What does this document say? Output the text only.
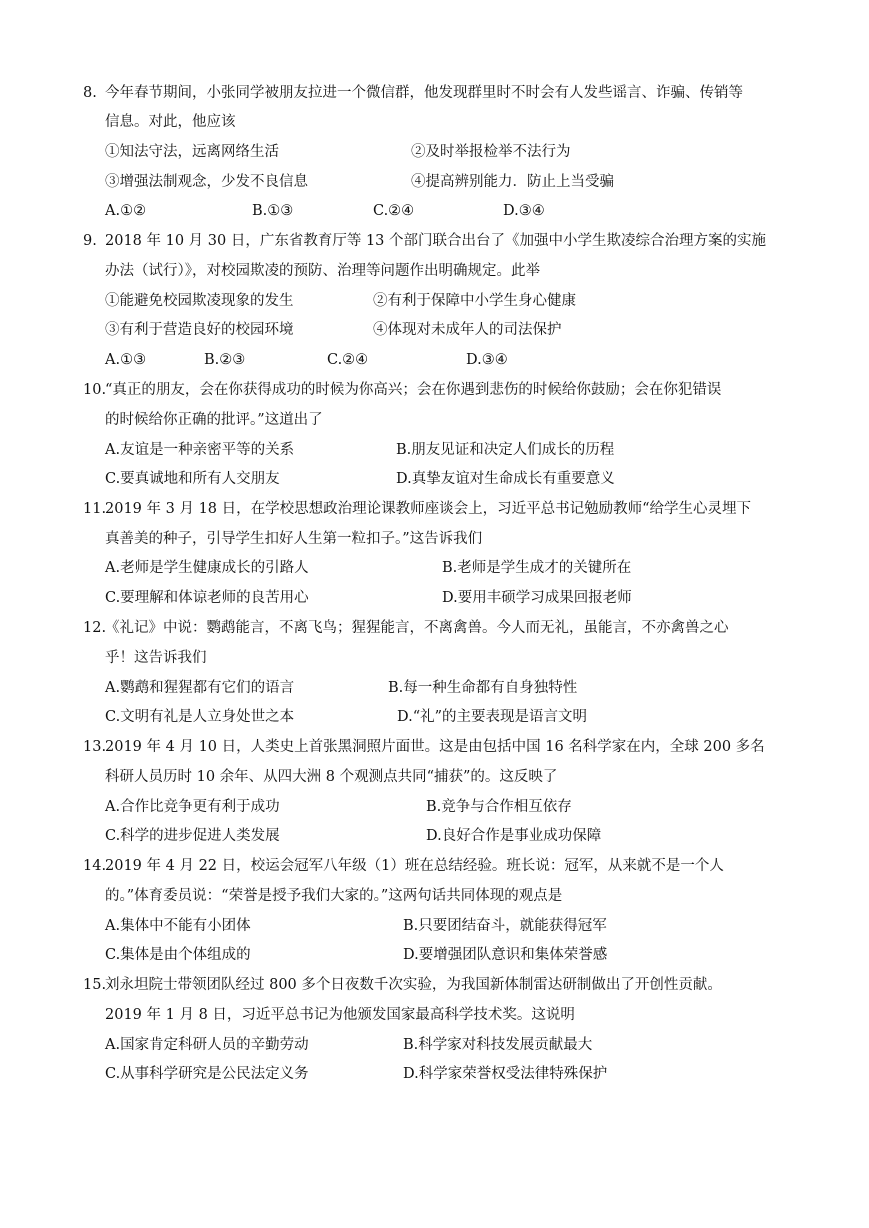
8. 今年春节期间，小张同学被朋友拉进一个微信群，他发现群里时不时会有人发些谣言、诈骗、传销等
信息。对此，他应该
①知法守法，远离网络生活	②及时举报检举不法行为
③增强法制观念，少发不良信息	④提高辨别能力．防止上当受骗
A.①②	B.①③	C.②④	D.③④
9. 2018 年 10 月 30 日，广东省教育厅等 13 个部门联合出台了《加强中小学生欺凌综合治理方案的实施
办法（试行）》，对校园欺凌的预防、治理等问题作出明确规定。此举
①能避免校园欺凌现象的发生	②有利于保障中小学生身心健康
③有利于营造良好的校园环境	④体现对未成年人的司法保护
A.①③	B.②③	C.②④	D.③④
10.
“真正的朋友，会在你获得成功的时候为你高兴；会在你遇到悲伤的时候给你鼓励；会在你犯错误
的时候给你正确的批评。”这道出了
A.友谊是一种亲密平等的关系	B.朋友见证和决定人们成长的历程
C.要真诚地和所有人交朋友	D.真挚友谊对生命成长有重要意义
11.
2019 年 3 月 18 日，在学校思想政治理论课教师座谈会上，习近平总书记勉励教师“给学生心灵埋下
真善美的种子，引导学生扣好人生第一粒扣子。”这告诉我们
A.老师是学生健康成长的引路人	B.老师是学生成才的关键所在
C.要理解和体谅老师的良苦用心	D.要用丰硕学习成果回报老师
12.
《礼记》中说：鹦鹉能言，不离飞鸟；猩猩能言，不离禽兽。今人而无礼，虽能言，不亦禽兽之心
乎！这告诉我们
A.鹦鹉和猩猩都有它们的语言	B.每一种生命都有自身独特性
C.文明有礼是人立身处世之本	D.“礼”的主要表现是语言文明
13.
2019 年 4 月 10 日，人类史上首张黑洞照片面世。这是由包括中国 16 名科学家在内，全球 200 多名
科研人员历时 10 余年、从四大洲 8 个观测点共同“捕获”的。这反映了
A.合作比竞争更有利于成功	B.竞争与合作相互依存
C.科学的进步促进人类发展	D.良好合作是事业成功保障
14.
2019 年 4 月 22 日，校运会冠军八年级（1）班在总结经验。班长说：冠军，从来就不是一个人
的。”体育委员说：“荣誉是授予我们大家的。”这两句话共同体现的观点是
A.集体中不能有小团体	B.只要团结奋斗，就能获得冠军
C.集体是由个体组成的	D.要增强团队意识和集体荣誉感
15.
刘永坦院士带领团队经过 800 多个日夜数千次实验，为我国新体制雷达研制做出了开创性贡献。
2019 年 1 月 8 日，习近平总书记为他颁发国家最高科学技术奖。这说明
A.国家肯定科研人员的辛勤劳动	B.科学家对科技发展贡献最大
C.从事科学研究是公民法定义务	D.科学家荣誉权受法律特殊保护
